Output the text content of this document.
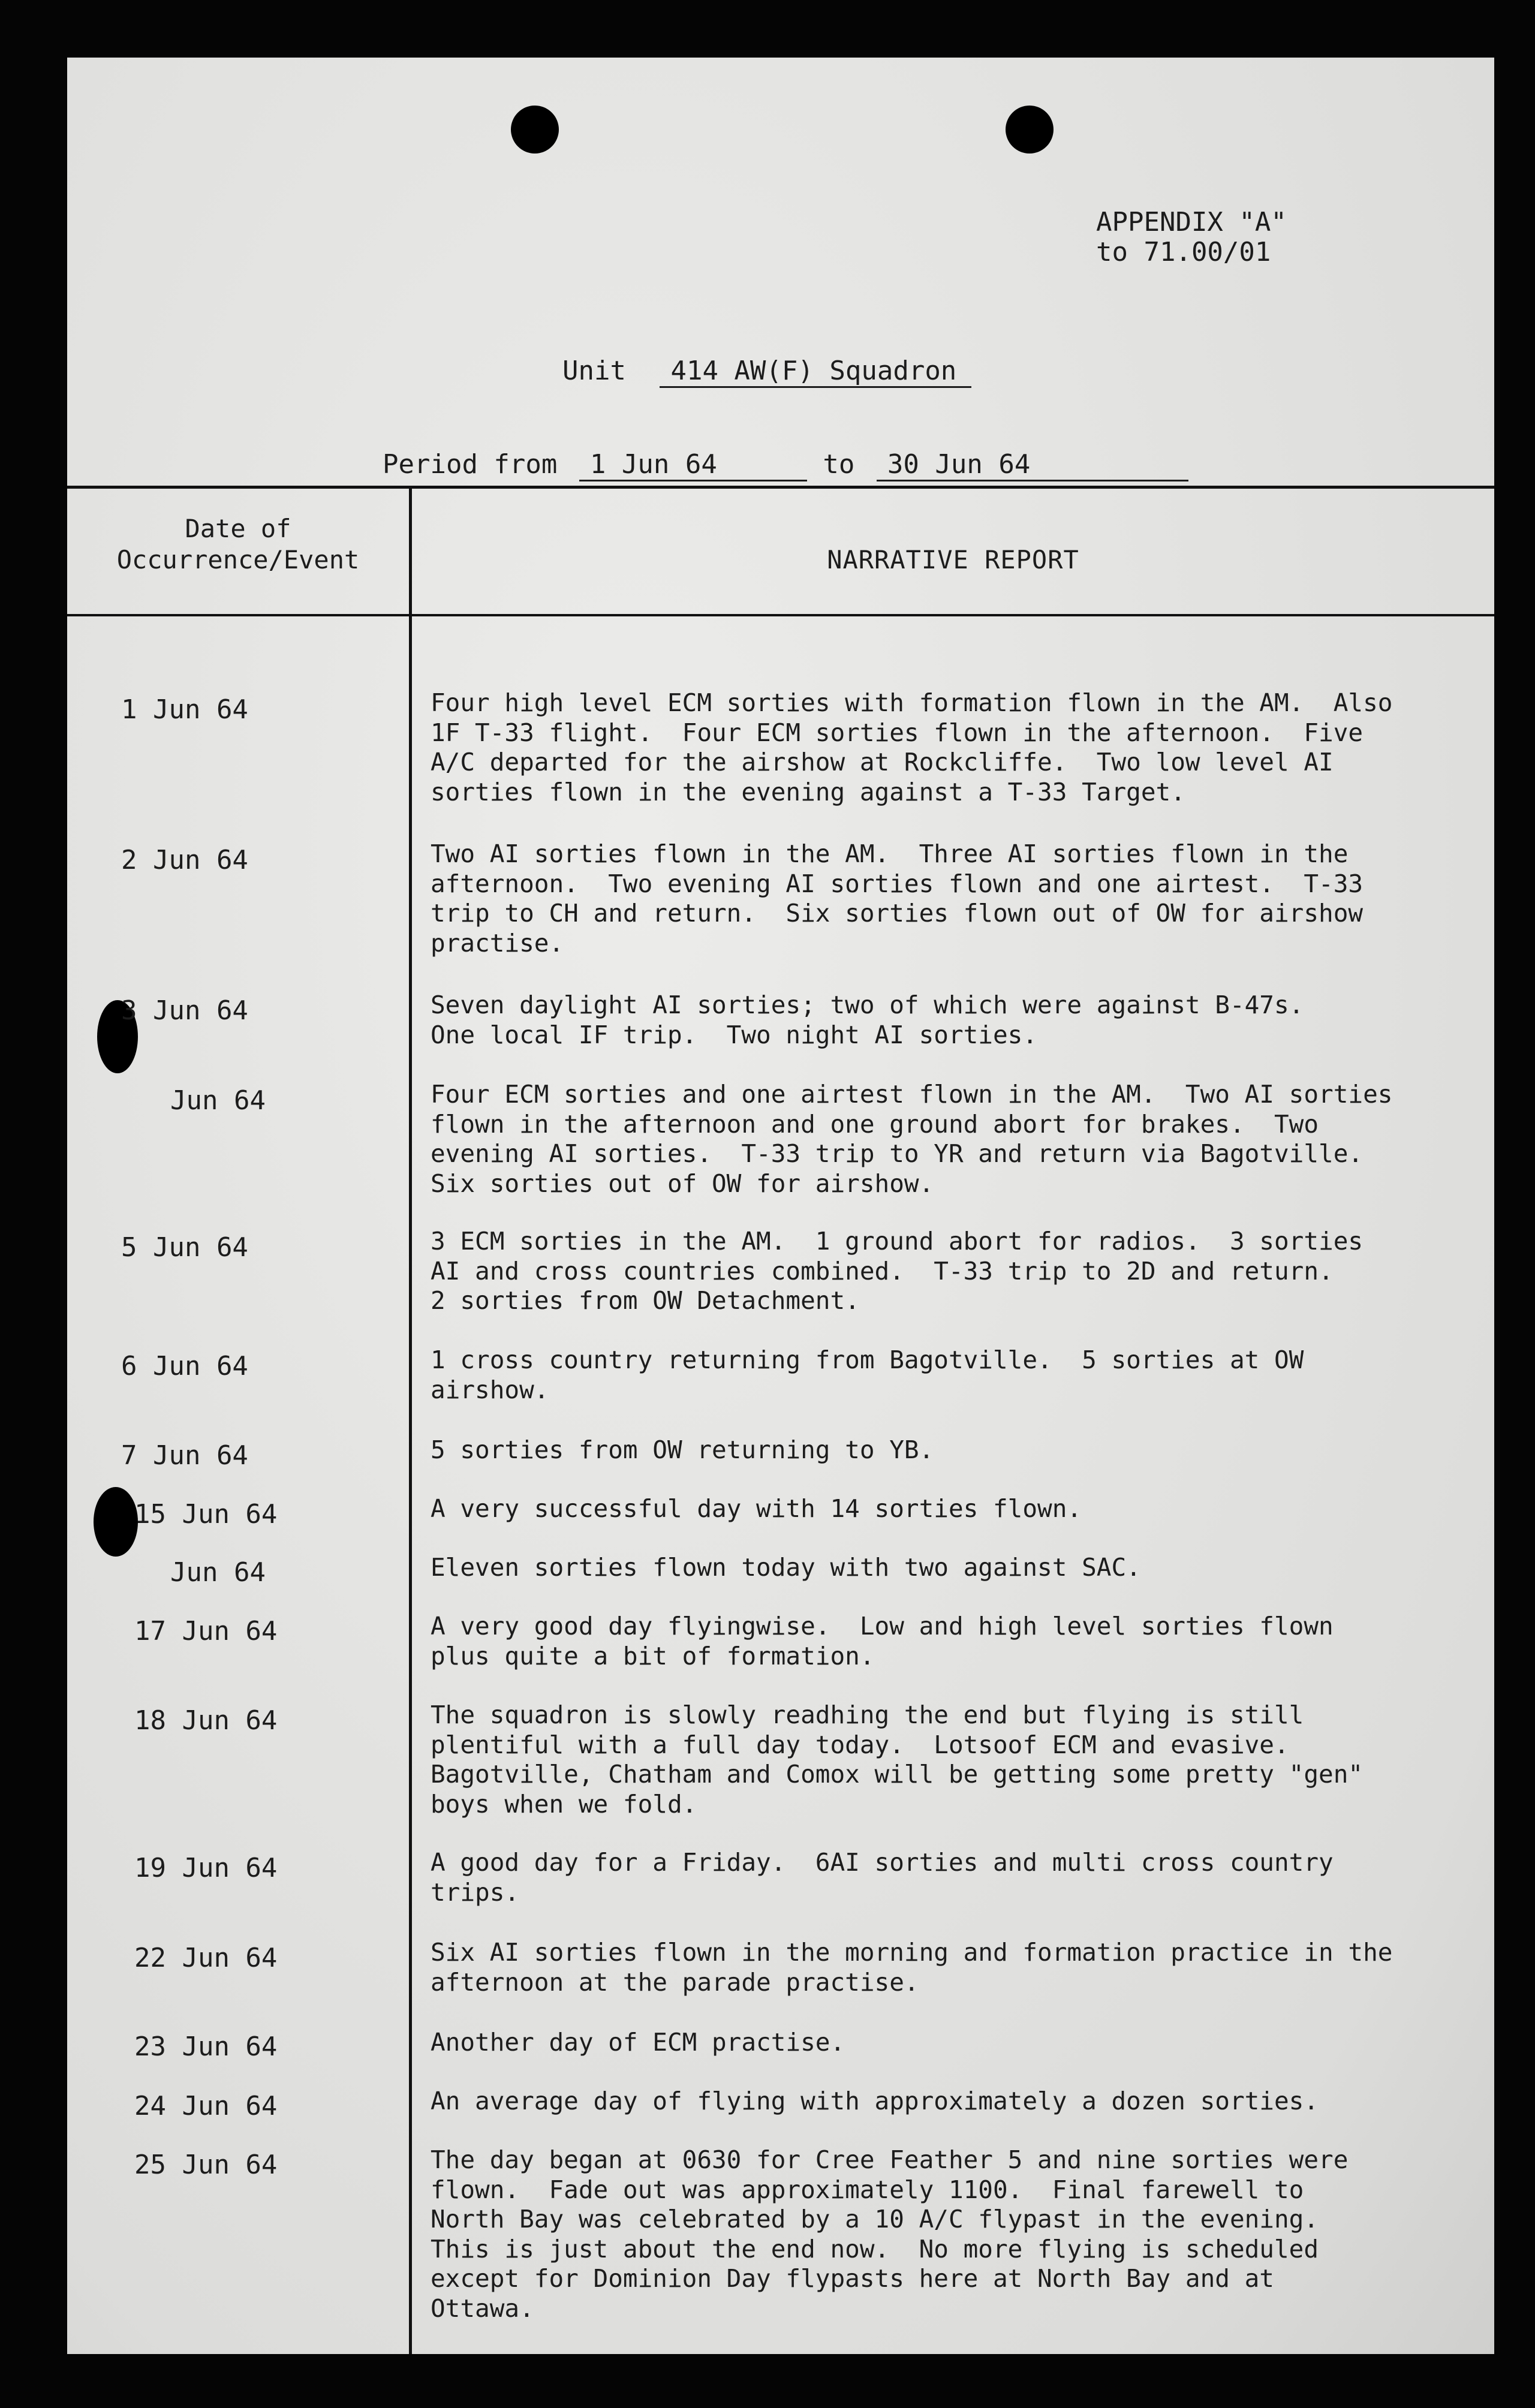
APPENDIX "A"
to 71.00/01
Unit 414 AW(F) Squadron
Period from 1 Jun 64	to 30 Jun 64
Date of
Occurrence/Event	NARRATIVE REPORT
1 Jun 64	Four high level ECM sorties with formation flown in the AM.  Also
1F T-33 flight.  Four ECM sorties flown in the afternoon.  Five
A/C departed for the airshow at Rockcliffe.  Two low level AI
sorties flown in the evening against a T-33 Target.
2 Jun 64	Two AI sorties flown in the AM.  Three AI sorties flown in the
afternoon.  Two evening AI sorties flown and one airtest.  T-33
trip to CH and return.  Six sorties flown out of OW for airshow
practise.
3 Jun 64	Seven daylight AI sorties; two of which were against B-47s.
One local IF trip.  Two night AI sorties.
Jun 64	Four ECM sorties and one airtest flown in the AM.  Two AI sorties
flown in the afternoon and one ground abort for brakes.  Two
evening AI sorties.  T-33 trip to YR and return via Bagotville.
Six sorties out of OW for airshow.
5 Jun 64	3 ECM sorties in the AM.  1 ground abort for radios.  3 sorties
AI and cross countries combined.  T-33 trip to 2D and return.
2 sorties from OW Detachment.
6 Jun 64	1 cross country returning from Bagotville.  5 sorties at OW
airshow.
7 Jun 64	5 sorties from OW returning to YB.
15 Jun 64	A very successful day with 14 sorties flown.
Jun 64	Eleven sorties flown today with two against SAC.
17 Jun 64	A very good day flyingwise.  Low and high level sorties flown
plus quite a bit of formation.
18 Jun 64	The squadron is slowly readhing the end but flying is still
plentiful with a full day today.  Lotsoof ECM and evasive.
Bagotville, Chatham and Comox will be getting some pretty "gen"
boys when we fold.
19 Jun 64	A good day for a Friday.  6AI sorties and multi cross country
trips.
22 Jun 64	Six AI sorties flown in the morning and formation practice in the
afternoon at the parade practise.
23 Jun 64	Another day of ECM practise.
24 Jun 64	An average day of flying with approximately a dozen sorties.
25 Jun 64	The day began at 0630 for Cree Feather 5 and nine sorties were
flown.  Fade out was approximately 1100.  Final farewell to
North Bay was celebrated by a 10 A/C flypast in the evening.
This is just about the end now.  No more flying is scheduled
except for Dominion Day flypasts here at North Bay and at
Ottawa.
